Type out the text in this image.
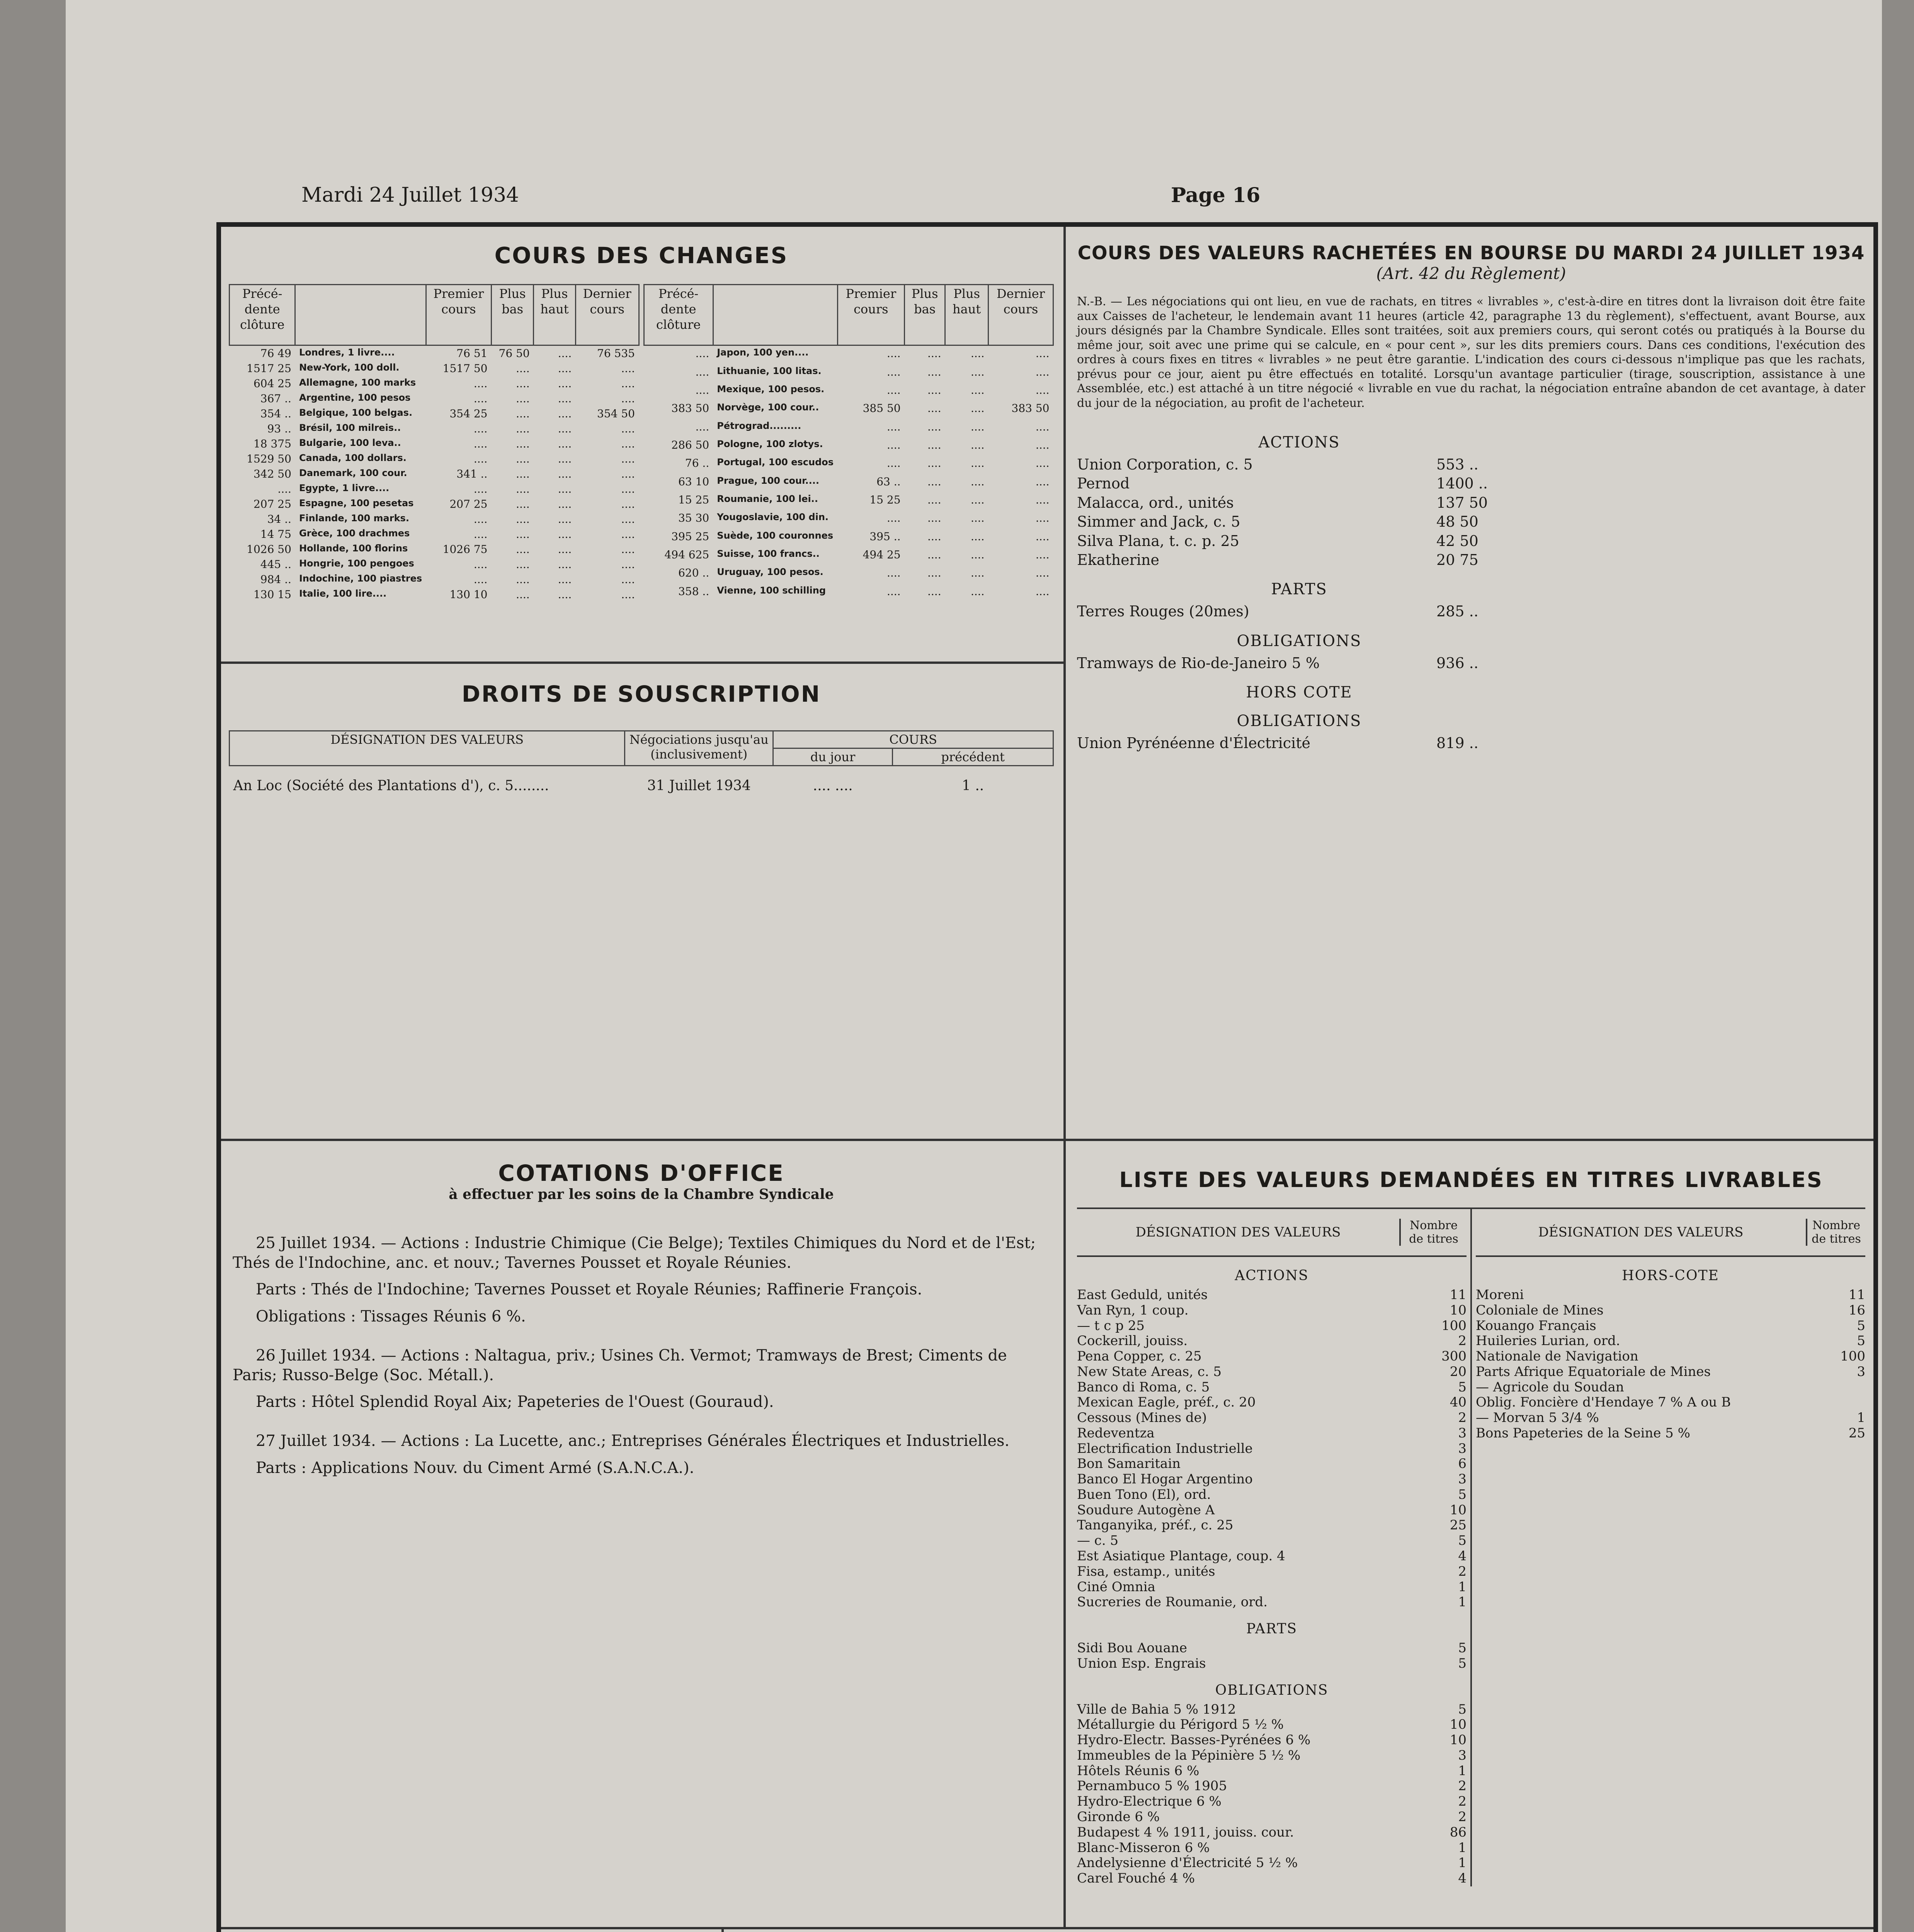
Mardi 24 Juillet 1934	Page 16
COURS DES CHANGES
Précé-dente clôture		Premier cours	Plus bas	Plus haut	Dernier cours
76 49	Londres, 1 livre....	76 51	76 50	....	76 535
1517 25	New-York, 100 doll.	1517 50	....	....	....
604 25	Allemagne, 100 marks	....	....	....	....
367 ..	Argentine, 100 pesos	....	....	....	....
354 ..	Belgique, 100 belgas.	354 25	....	....	354 50
93 ..	Brésil, 100 milreis..	....	....	....	....
18 375	Bulgarie, 100 leva..	....	....	....	....
1529 50	Canada, 100 dollars.	....	....	....	....
342 50	Danemark, 100 cour.	341 ..	....	....	....
....	Egypte, 1 livre....	....	....	....	....
207 25	Espagne, 100 pesetas	207 25	....	....	....
34 ..	Finlande, 100 marks.	....	....	....	....
14 75	Grèce, 100 drachmes	....	....	....	....
1026 50	Hollande, 100 florins	1026 75	....	....	....
445 ..	Hongrie, 100 pengoes	....	....	....	....
984 ..	Indochine, 100 piastres	....	....	....	....
130 15	Italie, 100 lire....	130 10	....	....	....
Précé-dente clôture		Premier cours	Plus bas	Plus haut	Dernier cours
....	Japon, 100 yen....	....	....	....	....
....	Lithuanie, 100 litas.	....	....	....	....
....	Mexique, 100 pesos.	....	....	....	....
383 50	Norvège, 100 cour..	385 50	....	....	383 50
....	Pétrograd.........	....	....	....	....
286 50	Pologne, 100 zlotys.	....	....	....	....
76 ..	Portugal, 100 escudos	....	....	....	....
63 10	Prague, 100 cour....	63 ..	....	....	....
15 25	Roumanie, 100 lei..	15 25	....	....	....
35 30	Yougoslavie, 100 din.	....	....	....	....
395 25	Suède, 100 couronnes	395 ..	....	....	....
494 625	Suisse, 100 francs..	494 25	....	....	....
620 ..	Uruguay, 100 pesos.	....	....	....	....
358 ..	Vienne, 100 schilling	....	....	....	....
DROITS DE SOUSCRIPTION
DÉSIGNATION DES VALEURS	Négociations jusqu'au (inclusivement)	COURS	
		du jour	précédent
An Loc (Société des Plantations d'), c. 5........	31 Juillet 1934	.... ....	1 ..
COURS DES VALEURS RACHETÉES EN BOURSE DU MARDI 24 JUILLET 1934
(Art. 42 du Règlement)
N.-B. — Les négociations qui ont lieu, en vue de rachats, en titres « livrables », c'est-à-dire en titres dont la livraison doit être faite aux Caisses de l'acheteur, le lendemain avant 11 heures (article 42, paragraphe 13 du règlement), s'effectuent, avant Bourse, aux jours désignés par la Chambre Syndicale. Elles sont traitées, soit aux premiers cours, qui seront cotés ou pratiqués à la Bourse du même jour, soit avec une prime qui se calcule, en « pour cent », sur les dits premiers cours. Dans ces conditions, l'exécution des ordres à cours fixes en titres « livrables » ne peut être garantie. L'indication des cours ci-dessous n'implique pas que les rachats, prévus pour ce jour, aient pu être effectués en totalité. Lorsqu'un avantage particulier (tirage, souscription, assistance à une Assemblée, etc.) est attaché à un titre négocié « livrable en vue du rachat, la négociation entraîne abandon de cet avantage, à dater du jour de la négociation, au profit de l'acheteur.
ACTIONS
Union Corporation, c. 5	553 ..
Pernod	1400 ..
Malacca, ord., unités	137 50
Simmer and Jack, c. 5	48 50
Silva Plana, t. c. p. 25	42 50
Ekatherine	20 75
PARTS
Terres Rouges (20mes)	285 ..
OBLIGATIONS
Tramways de Rio-de-Janeiro 5 %	936 ..
HORS COTE
OBLIGATIONS
Union Pyrénéenne d'Électricité	819 ..
COTATIONS D'OFFICE
à effectuer par les soins de la Chambre Syndicale

25 Juillet 1934. — Actions : Industrie Chimique (Cie Belge); Textiles Chimiques du Nord et de l'Est; Thés de l'Indochine, anc. et nouv.; Tavernes Pousset et Royale Réunies.

Parts : Thés de l'Indochine; Tavernes Pousset et Royale Réunies; Raffinerie François.

Obligations : Tissages Réunis 6 %.

26 Juillet 1934. — Actions : Naltagua, priv.; Usines Ch. Vermot; Tramways de Brest; Ciments de Paris; Russo-Belge (Soc. Métall.).

Parts : Hôtel Splendid Royal Aix; Papeteries de l'Ouest (Gouraud).

27 Juillet 1934. — Actions : La Lucette, anc.; Entreprises Générales Électriques et Industrielles.

Parts : Applications Nouv. du Ciment Armé (S.A.N.C.A.).

LISTE DES VALEURS DEMANDÉES EN TITRES LIVRABLES
DÉSIGNATION DES VALEURS	Nombre de titres
ACTIONS
East Geduld, unités	11
Van Ryn, 1 coup.	10
— t c p 25	100
Cockerill, jouiss.	2
Pena Copper, c. 25	300
New State Areas, c. 5	20
Banco di Roma, c. 5	5
Mexican Eagle, préf., c. 20	40
Cessous (Mines de)	2
Redeventza	3
Electrification Industrielle	3
Bon Samaritain	6
Banco El Hogar Argentino	3
Buen Tono (El), ord.	5
Soudure Autogène A	10
Tanganyika, préf., c. 25	25
— c. 5	5
Est Asiatique Plantage, coup. 4	4
Fisa, estamp., unités	2
Ciné Omnia	1
Sucreries de Roumanie, ord.	1
PARTS
Sidi Bou Aouane	5
Union Esp. Engrais	5
OBLIGATIONS
Ville de Bahia 5 % 1912	5
Métallurgie du Périgord 5 ½ %	10
Hydro-Electr. Basses-Pyrénées 6 %	10
Immeubles de la Pépinière 5 ½ %	3
Hôtels Réunis 6 %	1
Pernambuco 5 % 1905	2
Hydro-Electrique 6 %	2
Gironde 6 %	2
Budapest 4 % 1911, jouiss. cour.	86
Blanc-Misseron 6 %	1
Andelysienne d'Électricité 5 ½ %	1
Carel Fouché 4 %	4
DÉSIGNATION DES VALEURS	Nombre de titres
HORS-COTE
Moreni	11
Coloniale de Mines	16
Kouango Français	5
Huileries Lurian, ord.	5
Nationale de Navigation	100
Parts Afrique Equatoriale de Mines	3
— Agricole du Soudan
Oblig. Foncière d'Hendaye 7 % A ou B
— Morvan 5 3/4 %	1
Bons Papeteries de la Seine 5 %	25
